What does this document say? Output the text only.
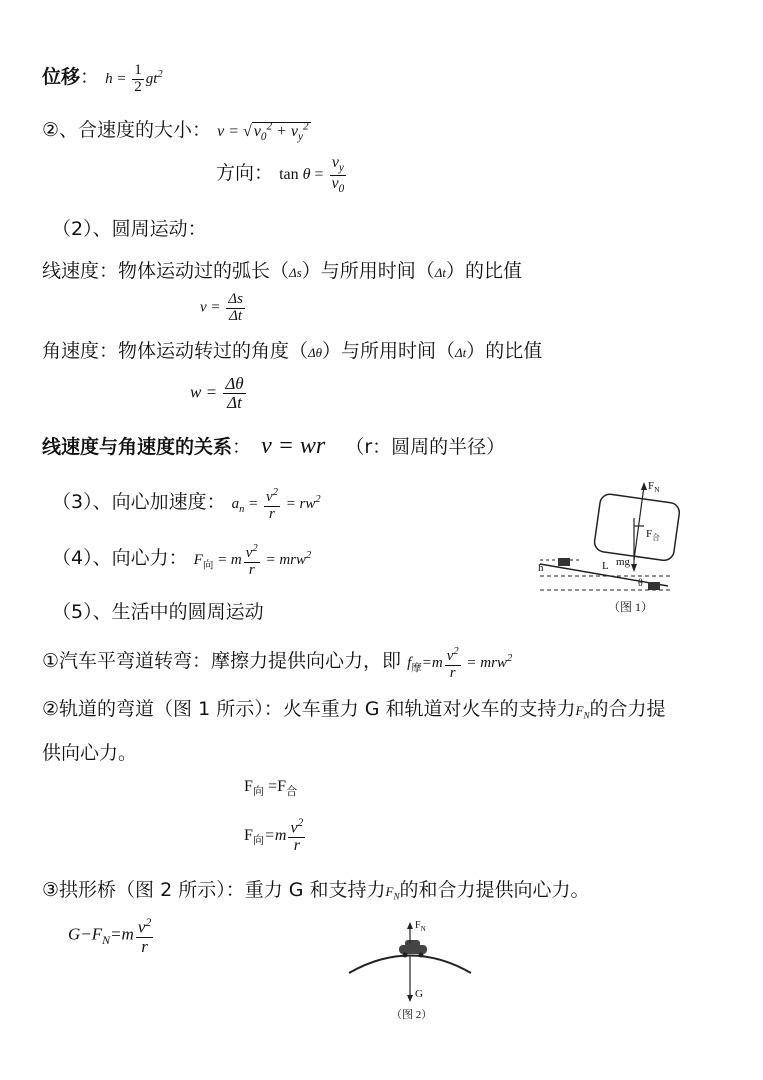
位移： $h = \frac{1}{2} gt^2$
②、合速度的大小： v = √ $v_0^2 + v_y^2$
方向： $\tan \theta = \frac{v_y}{v_0}$
（2）、圆周运动：
线速度：物体运动过的弧长（Δs）与所用时间（Δt）的比值
$v = \frac{\Delta s}{\Delta t}$
角速度：物体运动转过的角度（Δθ）与所用时间（Δt）的比值
$w = \frac{\Delta\theta}{\Delta t}$
线速度与角速度的关系： v = wr （r：圆周的半径）
（3）、向心加速度： $a_n = \frac{v^2}{r} = rw^2$
（4）、向心力： $F_向 = m \frac{v^2}{r} = mrw^2$
（5）、生活中的圆周运动
$F_N$
$F_合$
mg
L
h
θ
（图 1）
①汽车平弯道转弯：摩擦力提供向心力，即 $f_摩=m \frac{v^2}{r} = mrw^2$
②轨道的弯道（图 1 所示）：火车重力 G 和轨道对火车的支持力$F_N$的合力提
供向心力。
$F_向 =F_合$
$F_向=m \frac{v^2}{r}$
③拱形桥（图 2 所示）：重力 G 和支持力$F_N$的和合力提供向心力。
$G-F_N=m \frac{v^2}{r}$	$F_N$
G
（图 2）
